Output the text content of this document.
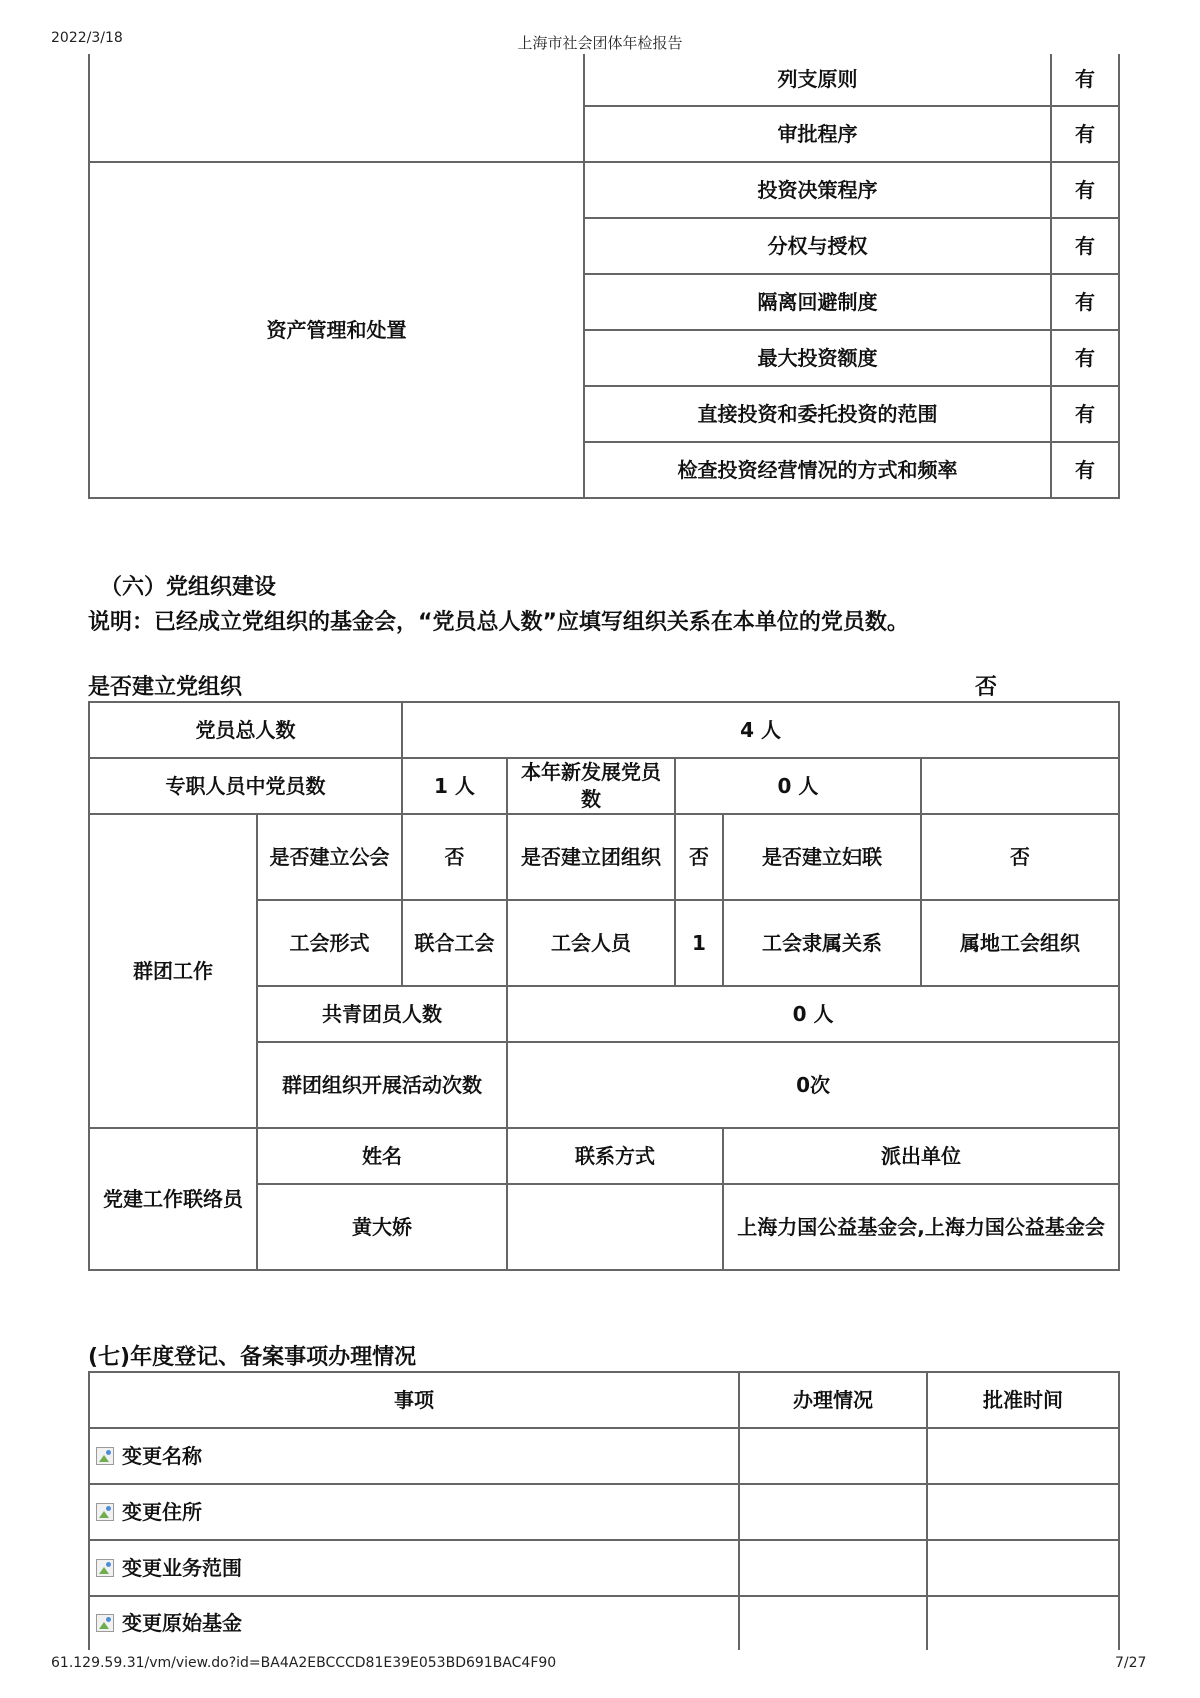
2022/3/18	上海市社会团体年检报告
	列支原则	有
	审批程序	有
资产管理和处置	投资决策程序	有
	分权与授权	有
	隔离回避制度	有
	最大投资额度	有
	直接投资和委托投资的范围	有
	检查投资经营情况的方式和频率	有
（六）党组织建设
说明：已经成立党组织的基金会，“党员总人数”应填写组织关系在本单位的党员数。
是否建立党组织	否
党员总人数		4 人				
专职人员中党员数		1 人	本年新发展党员数	0 人		
群团工作	是否建立公会	否	是否建立团组织	否	是否建立妇联	否
	工会形式	联合工会	工会人员	1	工会隶属关系	属地工会组织
	共青团员人数		0 人			
	群团组织开展活动次数		0次			
党建工作联络员	姓名		联系方式		派出单位	
	黄大娇				上海力国公益基金会,上海力国公益基金会	
(七)年度登记、备案事项办理情况
事项	办理情况	批准时间
变更名称		
变更住所		
变更业务范围		
变更原始基金		
61.129.59.31/vm/view.do?id=BA4A2EBCCCD81E39E053BD691BAC4F90	7/27
